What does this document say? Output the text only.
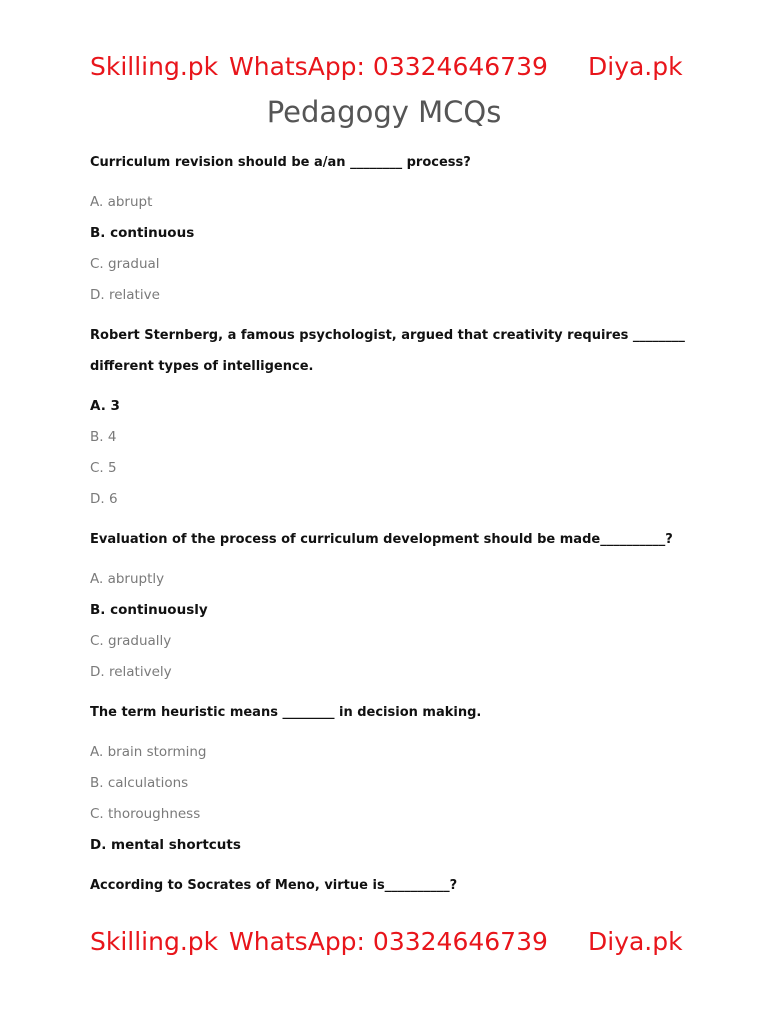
Skilling.pk WhatsApp: 03324646739 Diya.pk
Pedagogy MCQs

Curriculum revision should be a/an ________ process?

A. abrupt
B. continuous
C. gradual
D. relative

Robert Sternberg, a famous psychologist, argued that creativity requires ________ different types of intelligence.

A. 3
B. 4
C. 5
D. 6

Evaluation of the process of curriculum development should be made__________?

A. abruptly
B. continuously
C. gradually
D. relatively

The term heuristic means ________ in decision making.

A. brain storming
B. calculations
C. thoroughness
D. mental shortcuts

According to Socrates of Meno, virtue is__________?

Skilling.pk WhatsApp: 03324646739 Diya.pk
